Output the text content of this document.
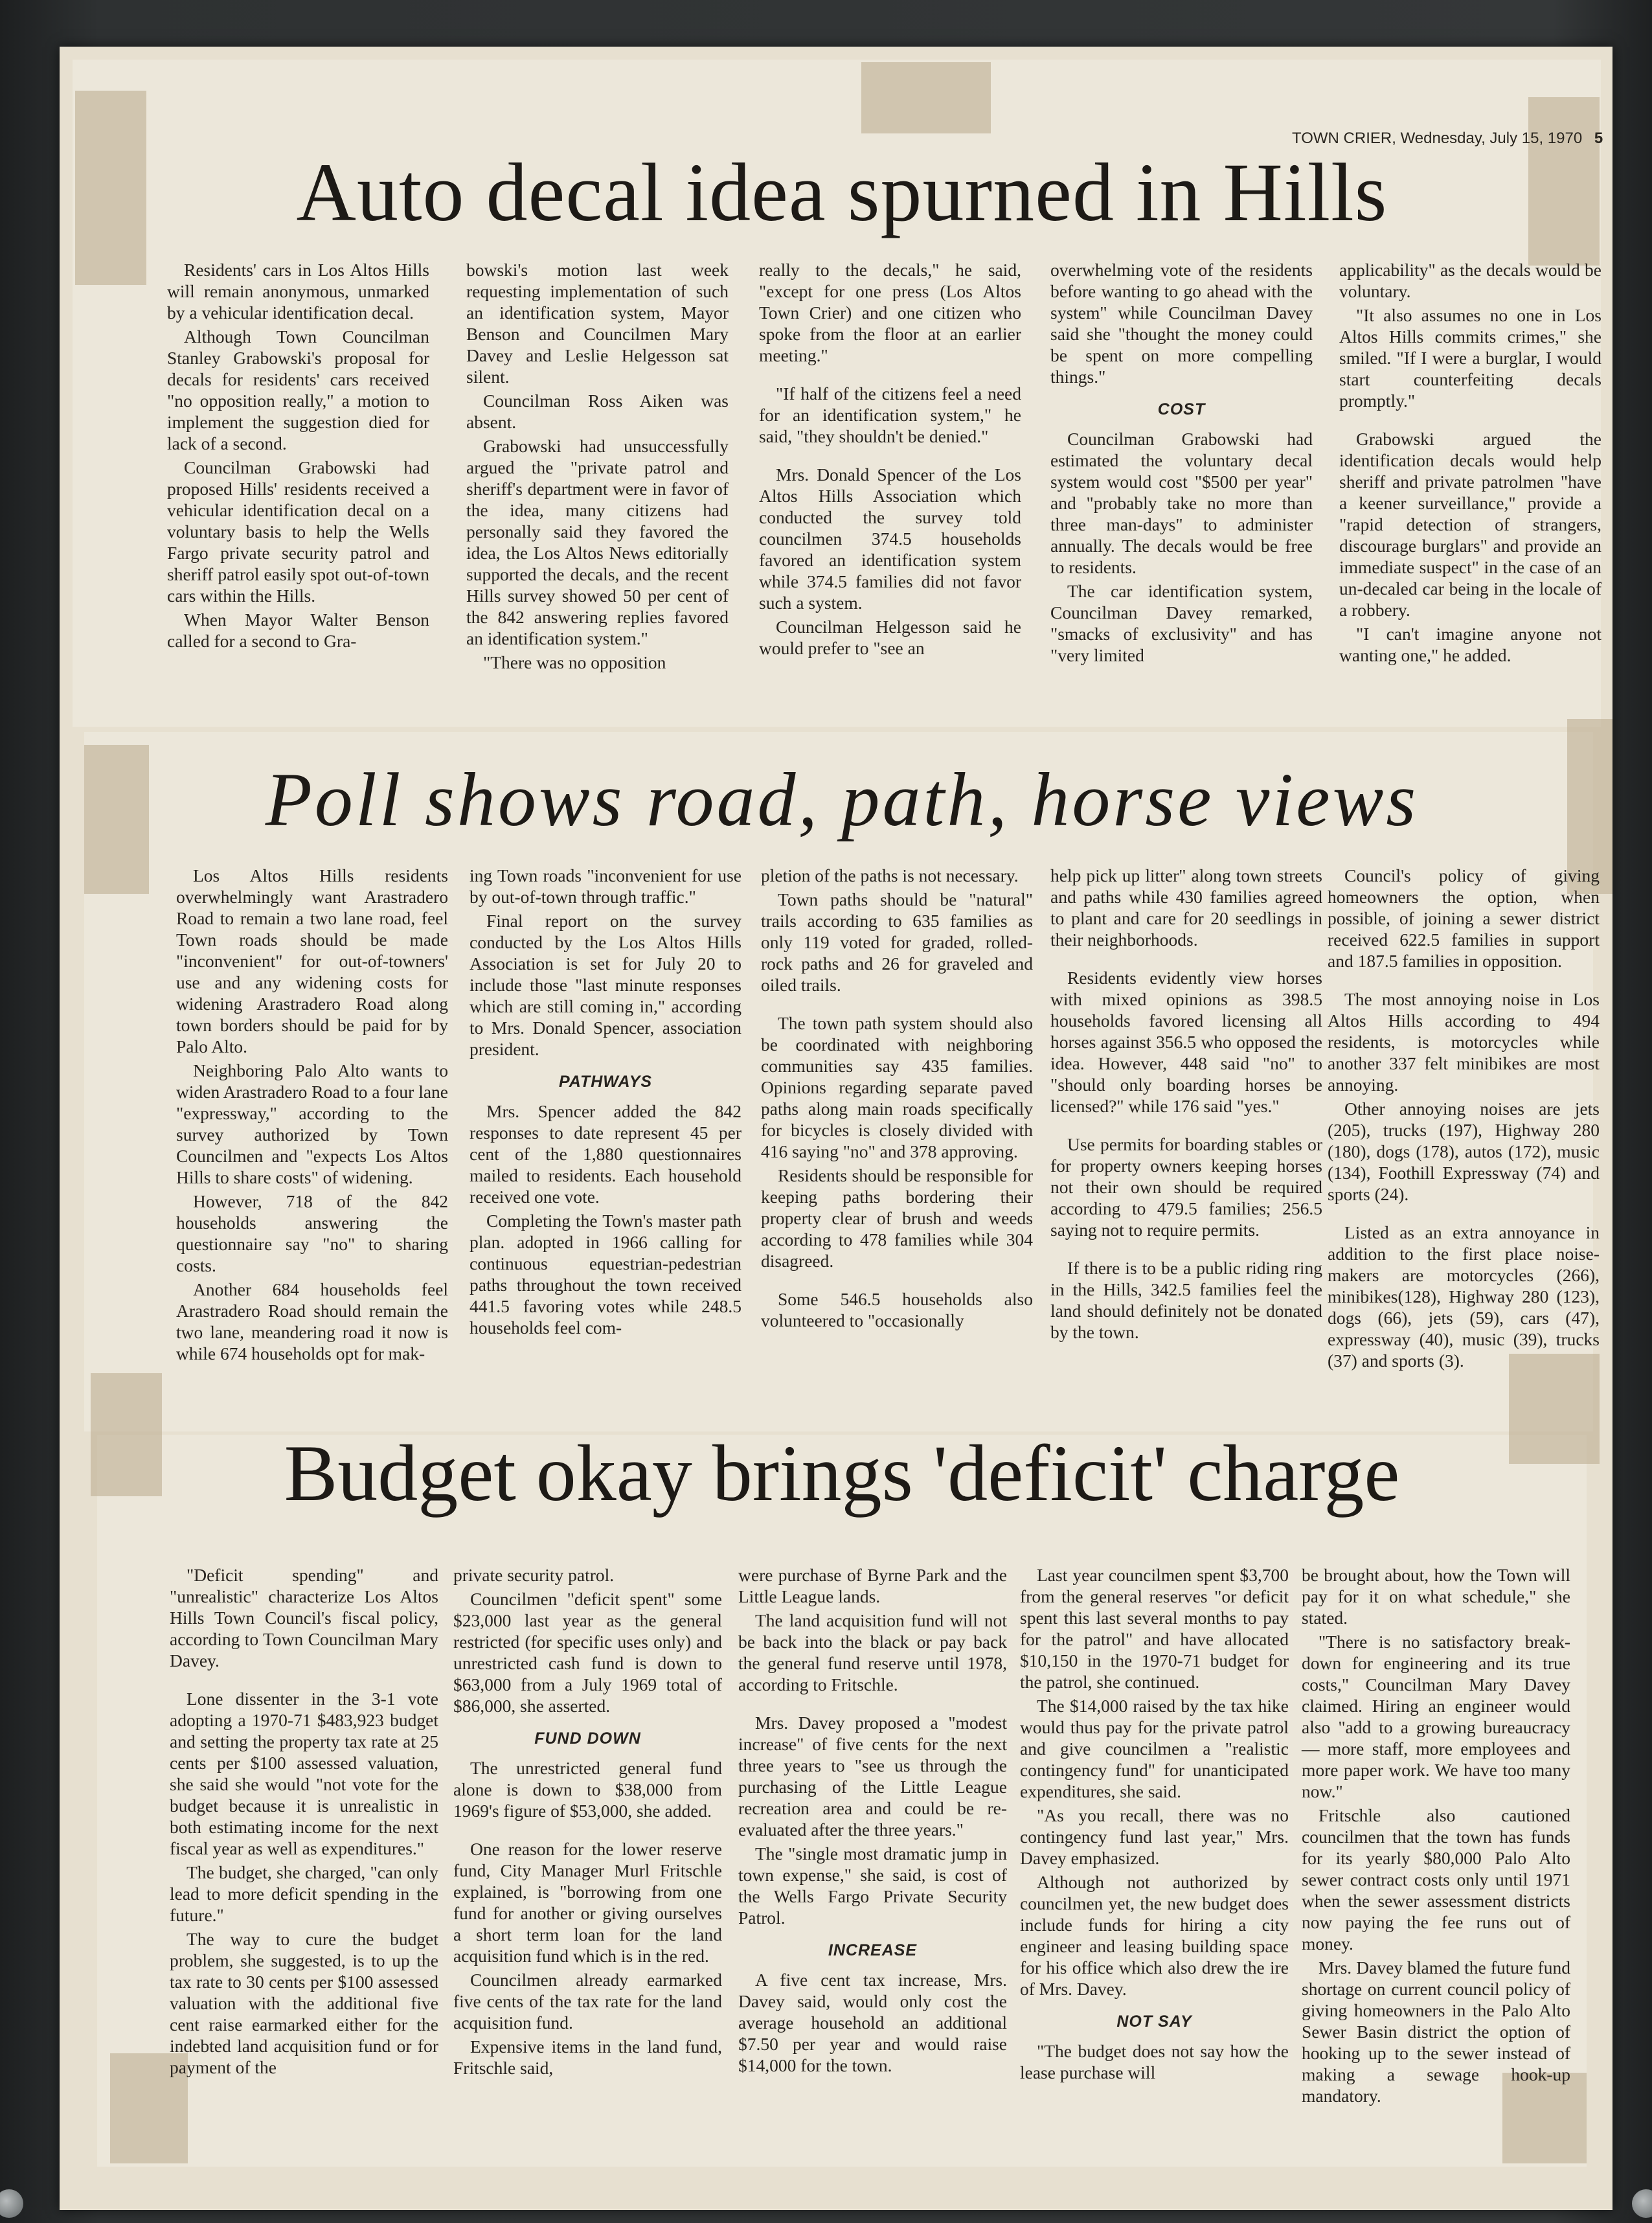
TOWN CRIER, Wednesday, July 15, 1970 5
Auto decal idea spurned in Hills
Poll shows road, path, horse views
Budget okay brings 'deficit' charge

Residents' cars in Los Altos Hills will remain anonymous, unmarked by a vehicular identification decal.

Although Town Councilman Stanley Grabowski's proposal for decals for residents' cars received "no opposition really," a motion to implement the suggestion died for lack of a second.

Councilman Grabowski had proposed Hills' residents received a vehicular identification decal on a voluntary basis to help the Wells Fargo private security patrol and sheriff patrol easily spot out-of-town cars within the Hills.

When Mayor Walter Benson called for a second to Gra-

bowski's motion last week requesting implementation of such an identification system, Mayor Benson and Councilmen Mary Davey and Leslie Helgesson sat silent.

Councilman Ross Aiken was absent.

Grabowski had unsuccessfully argued the "private patrol and sheriff's department were in favor of the idea, many citizens had personally said they favored the idea, the Los Altos News editorially supported the decals, and the recent Hills survey showed 50 per cent of the 842 answering replies favored an identification system."

"There was no opposition

really to the decals," he said, "except for one press (Los Altos Town Crier) and one citizen who spoke from the floor at an earlier meeting."

"If half of the citizens feel a need for an identification system," he said, "they shouldn't be denied."

Mrs. Donald Spencer of the Los Altos Hills Association which conducted the survey told councilmen 374.5 households favored an identification system while 374.5 families did not favor such a system.

Councilman Helgesson said he would prefer to "see an

overwhelming vote of the residents before wanting to go ahead with the system" while Councilman Davey said she "thought the money could be spent on more compelling things."

COST

Councilman Grabowski had estimated the voluntary decal system would cost "$500 per year" and "probably take no more than three man-days" to administer annually. The decals would be free to residents.

The car identification system, Councilman Davey remarked, "smacks of exclusivity" and has "very limited

applicability" as the decals would be voluntary.

"It also assumes no one in Los Altos Hills commits crimes," she smiled. "If I were a burglar, I would start counterfeiting decals promptly."

Grabowski argued the identification decals would help sheriff and private patrolmen "have a keener surveillance," provide a "rapid detection of strangers, discourage burglars" and provide an immediate suspect" in the case of an un-decaled car being in the locale of a robbery.

"I can't imagine anyone not wanting one," he added.

Los Altos Hills residents overwhelmingly want Arastradero Road to remain a two lane road, feel Town roads should be made "inconvenient" for out-of-towners' use and any widening costs for widening Arastradero Road along town borders should be paid for by Palo Alto.

Neighboring Palo Alto wants to widen Arastradero Road to a four lane "expressway," according to the survey authorized by Town Councilmen and "expects Los Altos Hills to share costs" of widening.

However, 718 of the 842 households answering the questionnaire say "no" to sharing costs.

Another 684 households feel Arastradero Road should remain the two lane, meandering road it now is while 674 households opt for mak-

ing Town roads "inconvenient for use by out-of-town through traffic."

Final report on the survey conducted by the Los Altos Hills Association is set for July 20 to include those "last minute responses which are still coming in," according to Mrs. Donald Spencer, association president.

PATHWAYS

Mrs. Spencer added the 842 responses to date represent 45 per cent of the 1,880 questionnaires mailed to residents. Each household received one vote.

Completing the Town's master path plan. adopted in 1966 calling for continuous equestrian-pedestrian paths throughout the town received 441.5 favoring votes while 248.5 households feel com-

pletion of the paths is not necessary.

Town paths should be "natural" trails according to 635 families as only 119 voted for graded, rolled-rock paths and 26 for graveled and oiled trails.

The town path system should also be coordinated with neighboring communities say 435 families. Opinions regarding separate paved paths along main roads specifically for bicycles is closely divided with 416 saying "no" and 378 approving.

Residents should be responsible for keeping paths bordering their property clear of brush and weeds according to 478 families while 304 disagreed.

Some 546.5 households also volunteered to "occasionally

help pick up litter" along town streets and paths while 430 families agreed to plant and care for 20 seedlings in their neighborhoods.

Residents evidently view horses with mixed opinions as 398.5 households favored licensing all horses against 356.5 who opposed the idea. However, 448 said "no" to "should only boarding horses be licensed?" while 176 said "yes."

Use permits for boarding stables or for property owners keeping horses not their own should be required according to 479.5 families; 256.5 saying not to require permits.

If there is to be a public riding ring in the Hills, 342.5 families feel the land should definitely not be donated by the town.

Council's policy of giving homeowners the option, when possible, of joining a sewer district received 622.5 families in support and 187.5 families in opposition.

The most annoying noise in Los Altos Hills according to 494 residents, is motorcycles while another 337 felt minibikes are most annoying.

Other annoying noises are jets (205), trucks (197), Highway 280 (180), dogs (178), autos (172), music (134), Foothill Expressway (74) and sports (24).

Listed as an extra annoyance in addition to the first place noise-makers are motorcycles (266), minibikes(128), Highway 280 (123), dogs (66), jets (59), cars (47), expressway (40), music (39), trucks (37) and sports (3).

"Deficit spending" and "unrealistic" characterize Los Altos Hills Town Council's fiscal policy, according to Town Councilman Mary Davey.

Lone dissenter in the 3-1 vote adopting a 1970-71 $483,923 budget and setting the property tax rate at 25 cents per $100 assessed valuation, she said she would "not vote for the budget because it is unrealistic in both estimating income for the next fiscal year as well as expenditures."

The budget, she charged, "can only lead to more deficit spending in the future."

The way to cure the budget problem, she suggested, is to up the tax rate to 30 cents per $100 assessed valuation with the additional five cent raise earmarked either for the indebted land acquisition fund or for payment of the

private security patrol.

Councilmen "deficit spent" some $23,000 last year as the general restricted (for specific uses only) and unrestricted cash fund is down to $63,000 from a July 1969 total of $86,000, she asserted.

FUND DOWN

The unrestricted general fund alone is down to $38,000 from 1969's figure of $53,000, she added.

One reason for the lower reserve fund, City Manager Murl Fritschle explained, is "borrowing from one fund for another or giving ourselves a short term loan for the land acquisition fund which is in the red.

Councilmen already earmarked five cents of the tax rate for the land acquisition fund.

Expensive items in the land fund, Fritschle said,

were purchase of Byrne Park and the Little League lands.

The land acquisition fund will not be back into the black or pay back the general fund reserve until 1978, according to Fritschle.

Mrs. Davey proposed a "modest increase" of five cents for the next three years to "see us through the purchasing of the Little League recreation area and could be re-evaluated after the three years."

The "single most dramatic jump in town expense," she said, is cost of the Wells Fargo Private Security Patrol.

INCREASE

A five cent tax increase, Mrs. Davey said, would only cost the average household an additional $7.50 per year and would raise $14,000 for the town.

Last year councilmen spent $3,700 from the general reserves "or deficit spent this last several months to pay for the patrol" and have allocated $10,150 in the 1970-71 budget for the patrol, she continued.

The $14,000 raised by the tax hike would thus pay for the private patrol and give councilmen a "realistic contingency fund" for unanticipated expenditures, she said.

"As you recall, there was no contingency fund last year," Mrs. Davey emphasized.

Although not authorized by councilmen yet, the new budget does include funds for hiring a city engineer and leasing building space for his office which also drew the ire of Mrs. Davey.

NOT SAY

"The budget does not say how the lease purchase will

be brought about, how the Town will pay for it on what schedule," she stated.

"There is no satisfactory break-down for engineering and its true costs," Councilman Mary Davey claimed. Hiring an engineer would also "add to a growing bureaucracy — more staff, more employees and more paper work. We have too many now."

Fritschle also cautioned councilmen that the town has funds for its yearly $80,000 Palo Alto sewer contract costs only until 1971 when the sewer assessment districts now paying the fee runs out of money.

Mrs. Davey blamed the future fund shortage on current council policy of giving homeowners in the Palo Alto Sewer Basin district the option of hooking up to the sewer instead of making a sewage hook-up mandatory.
